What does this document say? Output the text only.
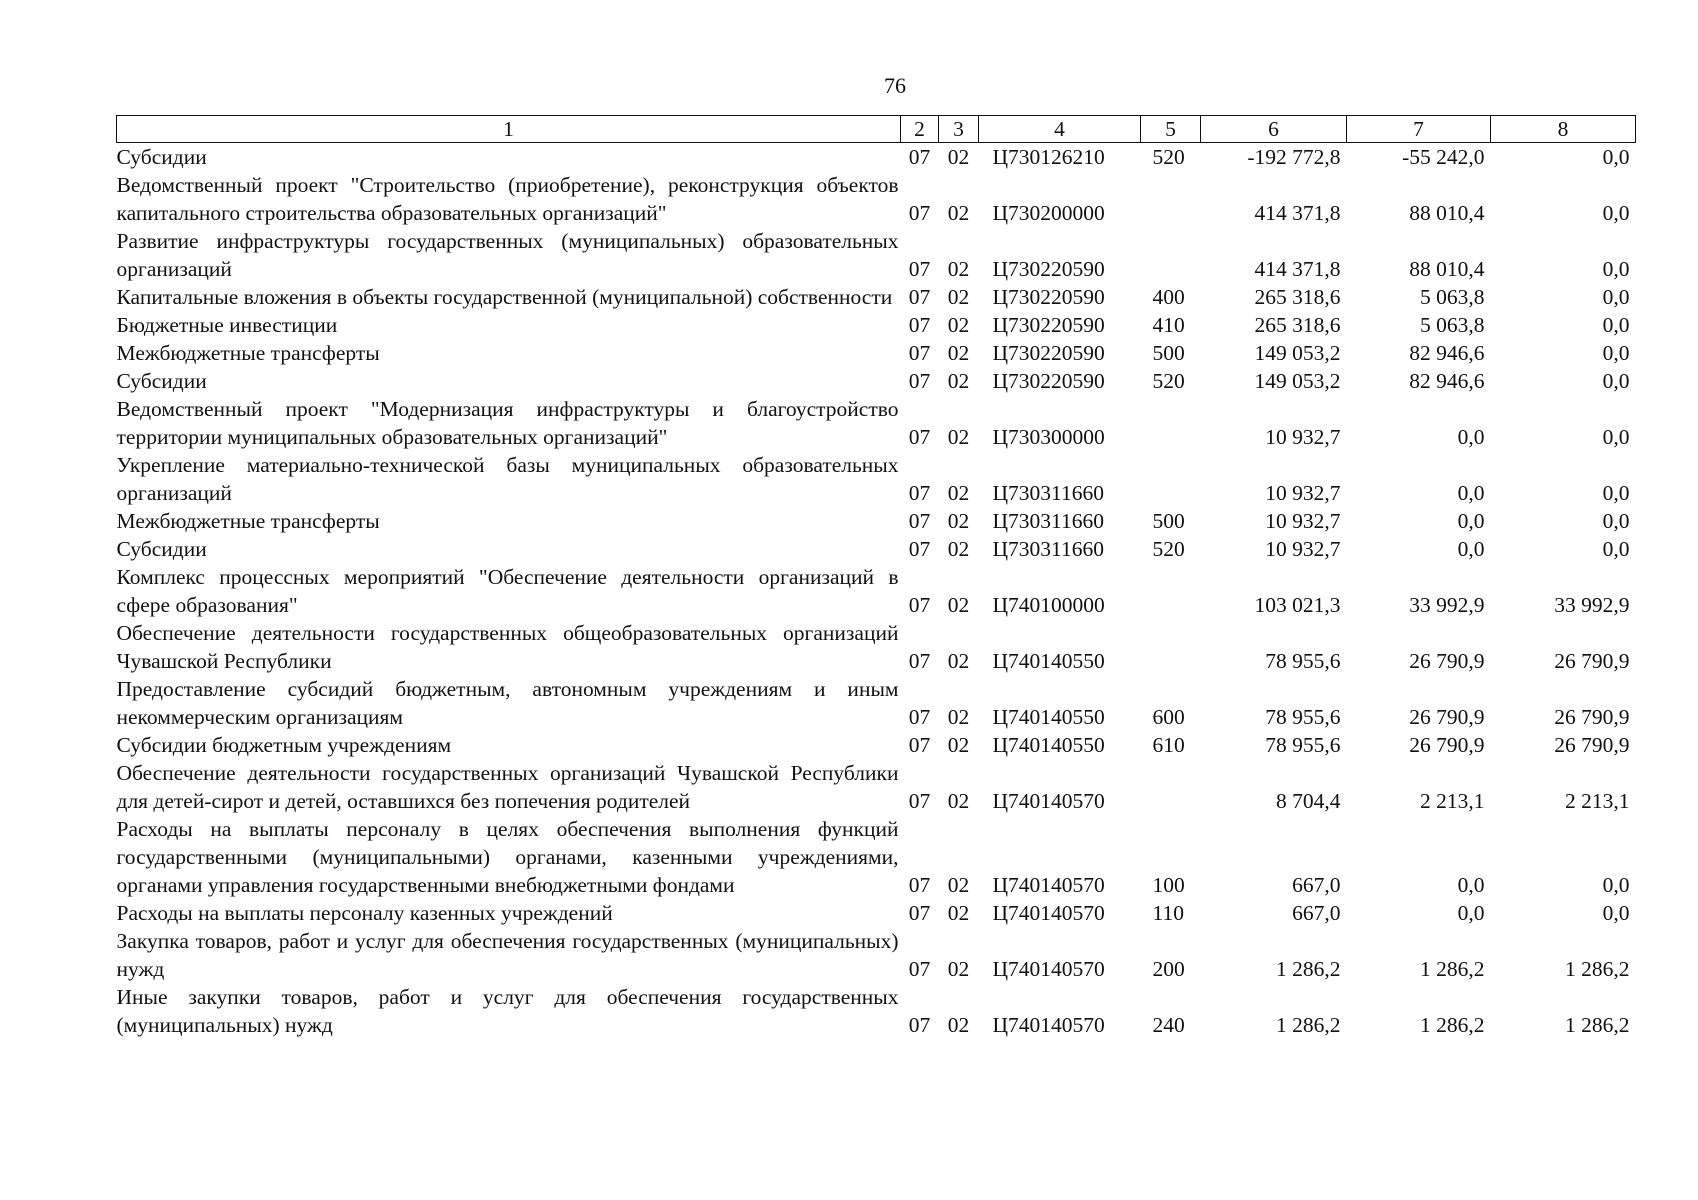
76
1	2	3	4	5	6	7	8
Субсидии	07	02	Ц730126210	520	-192 772,8	-55 242,0	0,0
Ведомственный проект "Строительство (приобретение), реконструкция объектов капитального строительства образовательных организаций"	07	02	Ц730200000		414 371,8	88 010,4	0,0
Развитие инфраструктуры государственных (муниципальных) образовательных организаций	07	02	Ц730220590		414 371,8	88 010,4	0,0
Капитальные вложения в объекты государственной (муниципальной) собственности	07	02	Ц730220590	400	265 318,6	5 063,8	0,0
Бюджетные инвестиции	07	02	Ц730220590	410	265 318,6	5 063,8	0,0
Межбюджетные трансферты	07	02	Ц730220590	500	149 053,2	82 946,6	0,0
Субсидии	07	02	Ц730220590	520	149 053,2	82 946,6	0,0
Ведомственный проект "Модернизация инфраструктуры и благоустройство территории муниципальных образовательных организаций"	07	02	Ц730300000		10 932,7	0,0	0,0
Укрепление материально-технической базы муниципальных образовательных организаций	07	02	Ц730311660		10 932,7	0,0	0,0
Межбюджетные трансферты	07	02	Ц730311660	500	10 932,7	0,0	0,0
Субсидии	07	02	Ц730311660	520	10 932,7	0,0	0,0
Комплекс процессных мероприятий "Обеспечение деятельности организаций в сфере образования"	07	02	Ц740100000		103 021,3	33 992,9	33 992,9
Обеспечение деятельности государственных общеобразовательных организаций Чувашской Республики	07	02	Ц740140550		78 955,6	26 790,9	26 790,9
Предоставление субсидий бюджетным, автономным учреждениям и иным некоммерческим организациям	07	02	Ц740140550	600	78 955,6	26 790,9	26 790,9
Субсидии бюджетным учреждениям	07	02	Ц740140550	610	78 955,6	26 790,9	26 790,9
Обеспечение деятельности государственных организаций Чувашской Республики для детей-сирот и детей, оставшихся без попечения родителей	07	02	Ц740140570		8 704,4	2 213,1	2 213,1
Расходы на выплаты персоналу в целях обеспечения выполнения функций государственными (муниципальными) органами, казенными учреждениями, органами управления государственными внебюджетными фондами	07	02	Ц740140570	100	667,0	0,0	0,0
Расходы на выплаты персоналу казенных учреждений	07	02	Ц740140570	110	667,0	0,0	0,0
Закупка товаров, работ и услуг для обеспечения государственных (муниципальных) нужд	07	02	Ц740140570	200	1 286,2	1 286,2	1 286,2
Иные закупки товаров, работ и услуг для обеспечения государственных (муниципальных) нужд	07	02	Ц740140570	240	1 286,2	1 286,2	1 286,2
